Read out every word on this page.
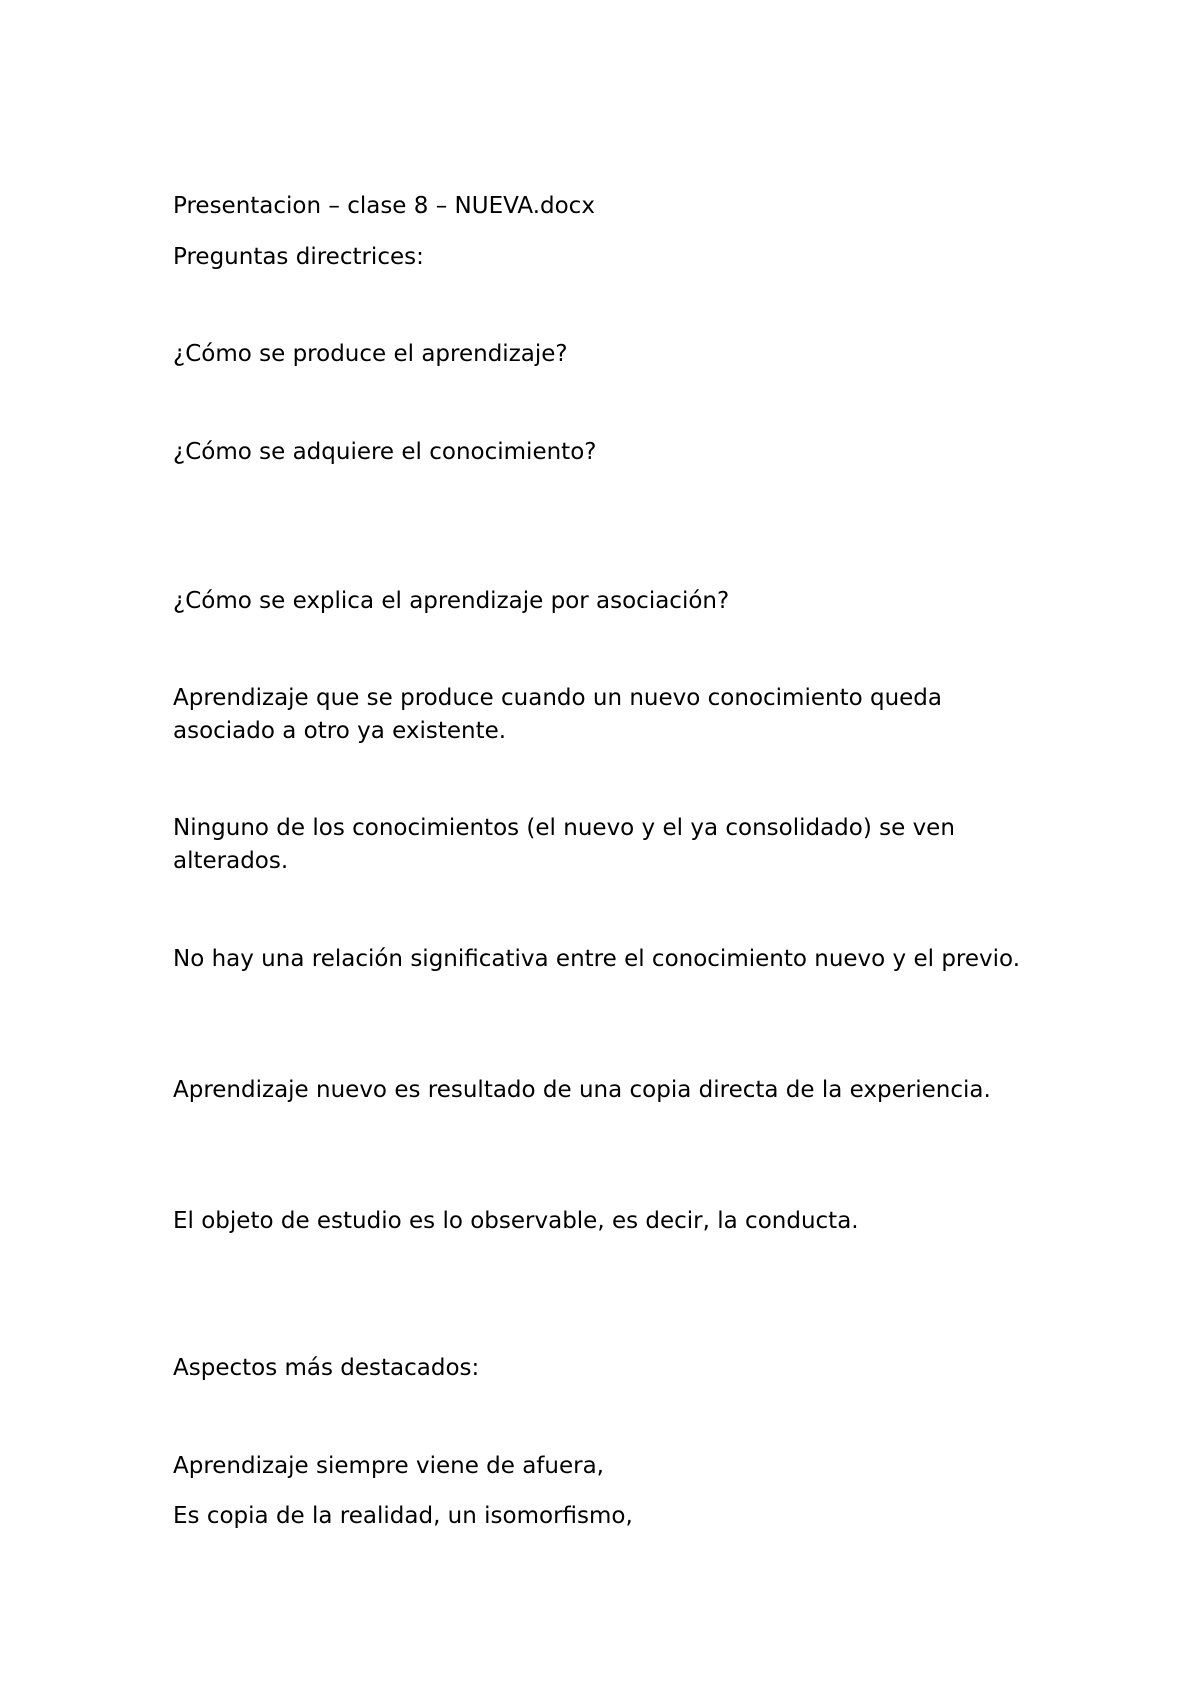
Presentacion – clase 8 – NUEVA.docx
Preguntas directrices:
¿Cómo se produce el aprendizaje?
¿Cómo se adquiere el conocimiento?
¿Cómo se explica el aprendizaje por asociación?
Aprendizaje que se produce cuando un nuevo conocimiento queda asociado a otro ya existente.
Ninguno de los conocimientos (el nuevo y el ya consolidado) se ven alterados.
No hay una relación significativa entre el conocimiento nuevo y el previo.
Aprendizaje nuevo es resultado de una copia directa de la experiencia.
El objeto de estudio es lo observable, es decir, la conducta.
Aspectos más destacados:
Aprendizaje siempre viene de afuera,
Es copia de la realidad, un isomorfismo,
